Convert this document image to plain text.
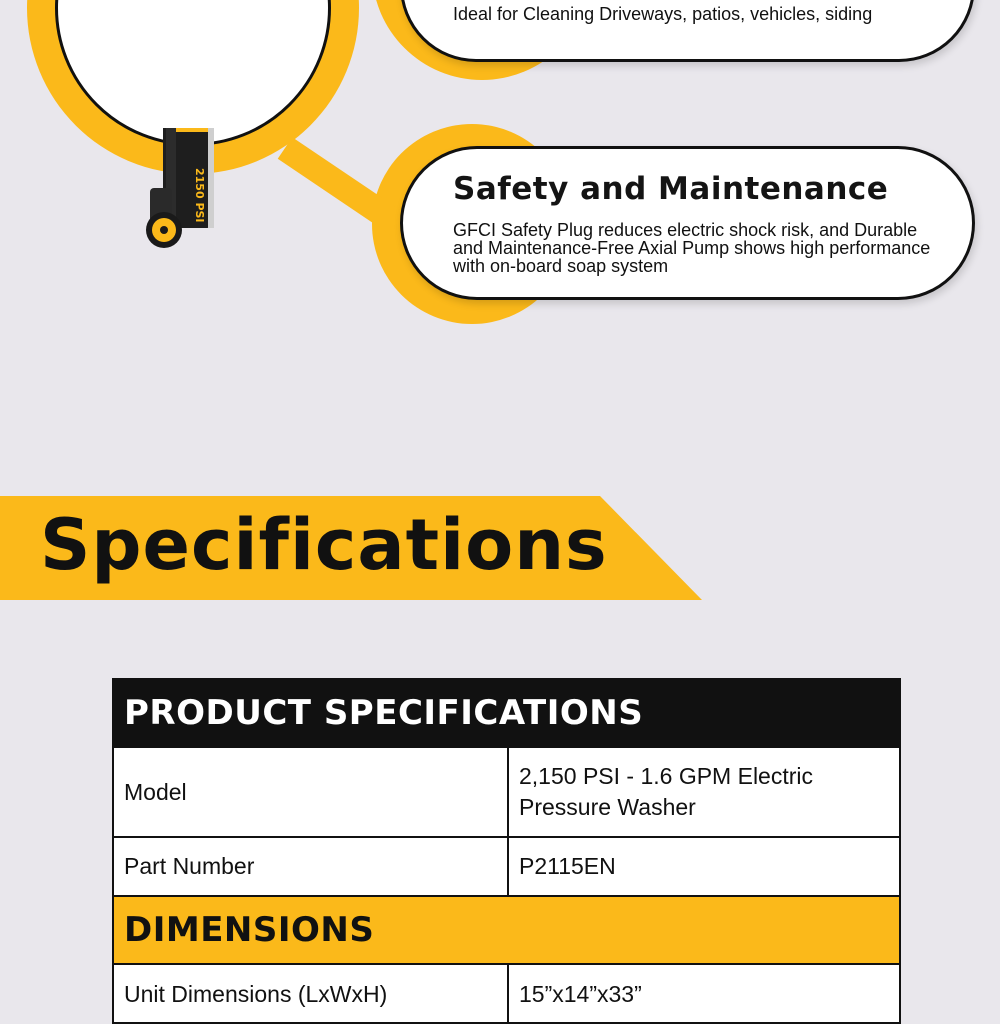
2150 PSI
Ideal for Cleaning Driveways, patios, vehicles, siding
Safety and Maintenance
GFCI Safety Plug reduces electric shock risk, and Durable and Maintenance-Free Axial Pump shows high performance with on-board soap system
Specifications
PRODUCT SPECIFICATIONS	
Model	2,150 PSI - 1.6 GPM Electric Pressure Washer
Part Number	P2115EN
DIMENSIONS	
Unit Dimensions (LxWxH)	15”x14”x33”
